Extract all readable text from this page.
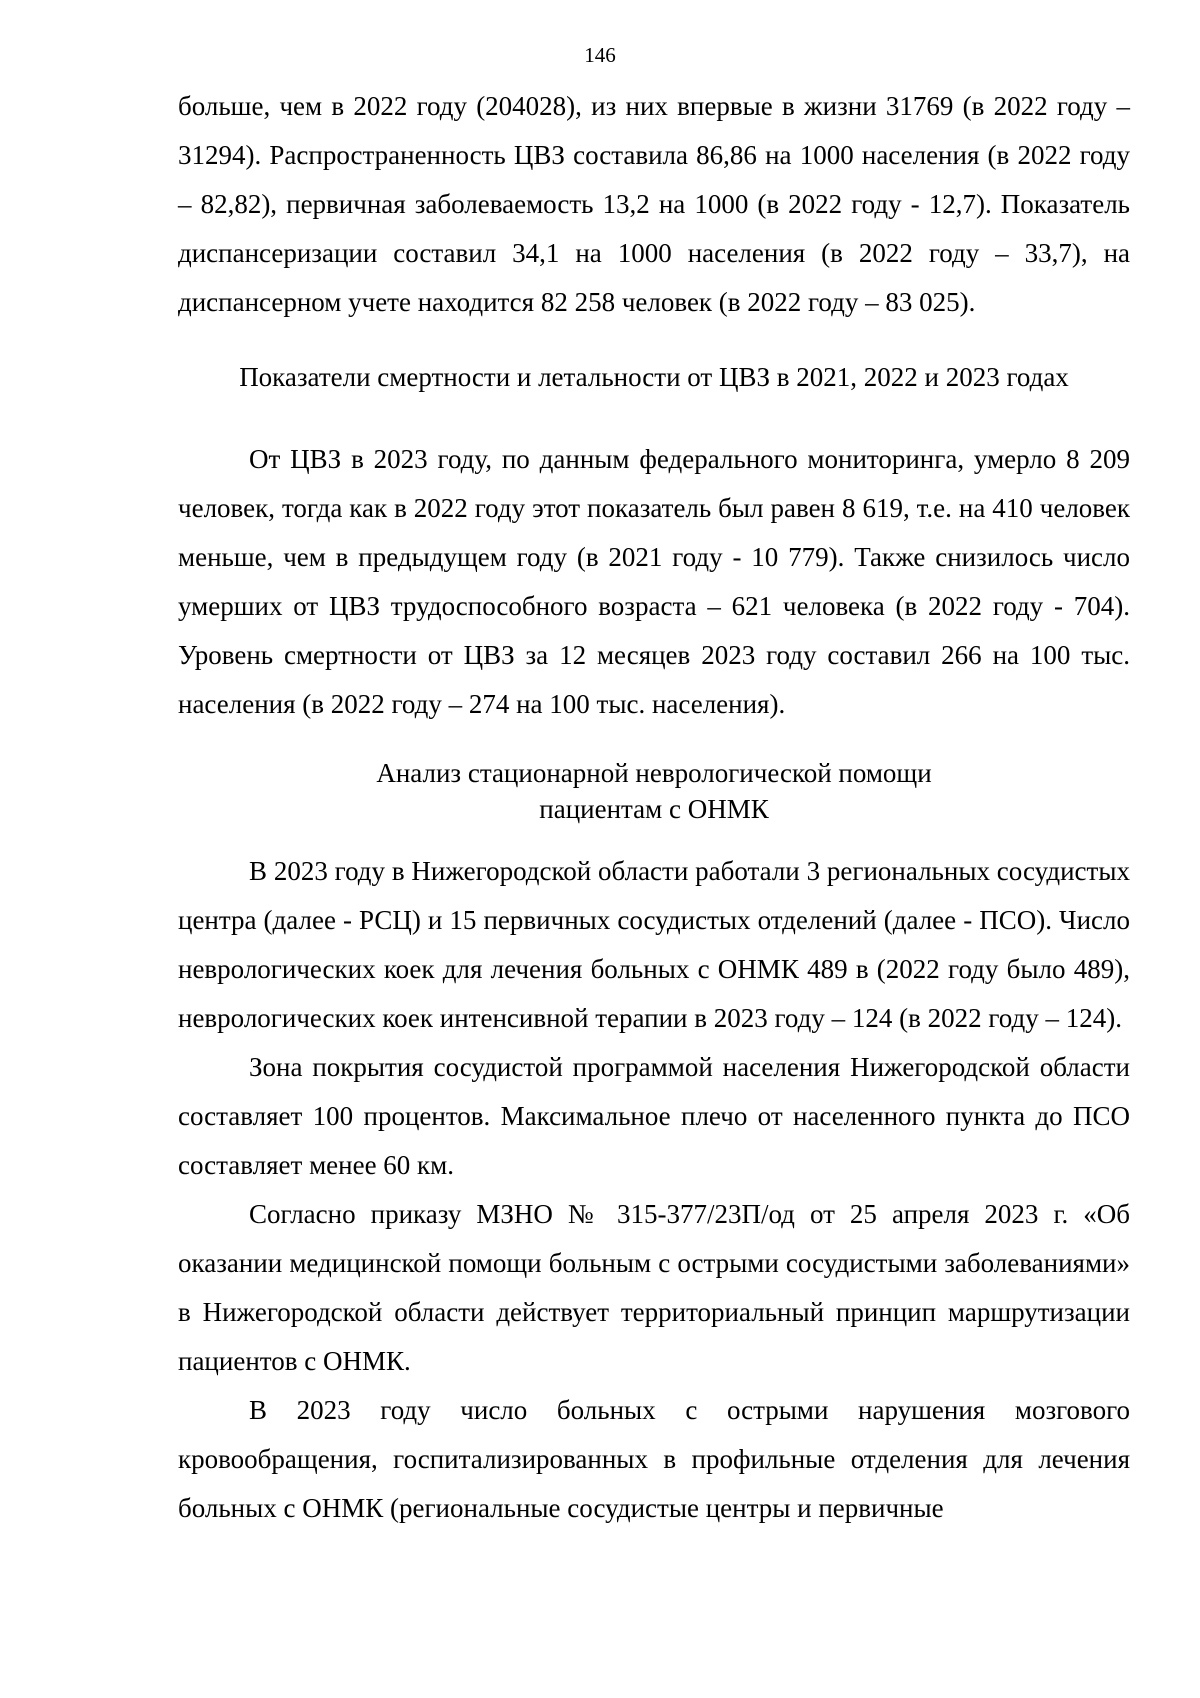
146

больше, чем в 2022 году (204028), из них впервые в жизни 31769 (в 2022 году – 31294). Распространенность ЦВЗ составила 86,86 на 1000 населения (в 2022 году – 82,82), первичная заболеваемость 13,2 на 1000 (в 2022 году - 12,7). Показатель диспансеризации составил 34,1 на 1000 населения (в 2022 году – 33,7), на диспансерном учете находится 82 258 человек (в 2022 году – 83 025).

Показатели смертности и летальности от ЦВЗ в 2021, 2022 и 2023 годах

От ЦВЗ в 2023 году, по данным федерального мониторинга, умерло 8 209 человек, тогда как в 2022 году этот показатель был равен 8 619, т.е. на 410 человек меньше, чем в предыдущем году (в 2021 году - 10 779). Также снизилось число умерших от ЦВЗ трудоспособного возраста – 621 человека (в 2022 году - 704). Уровень смертности от ЦВЗ за 12 месяцев 2023 году составил 266 на 100 тыс. населения (в 2022 году – 274 на 100 тыс. населения).

Анализ стационарной неврологической помощи
пациентам с ОНМК

В 2023 году в Нижегородской области работали 3 региональных сосудистых центра (далее - РСЦ) и 15 первичных сосудистых отделений (далее - ПСО). Число неврологических коек для лечения больных с ОНМК 489 в (2022 году было 489), неврологических коек интенсивной терапии в 2023 году – 124 (в 2022 году – 124).

Зона покрытия сосудистой программой населения Нижегородской области составляет 100 процентов. Максимальное плечо от населенного пункта до ПСО составляет менее 60 км.

Согласно приказу МЗНО № 315-377/23П/од от 25 апреля 2023 г. «Об оказании медицинской помощи больным с острыми сосудистыми заболеваниями» в Нижегородской области действует территориальный принцип маршрутизации пациентов с ОНМК.

В 2023 году число больных с острыми нарушения мозгового кровообращения, госпитализированных в профильные отделения для лечения больных с ОНМК (региональные сосудистые центры и первичные
